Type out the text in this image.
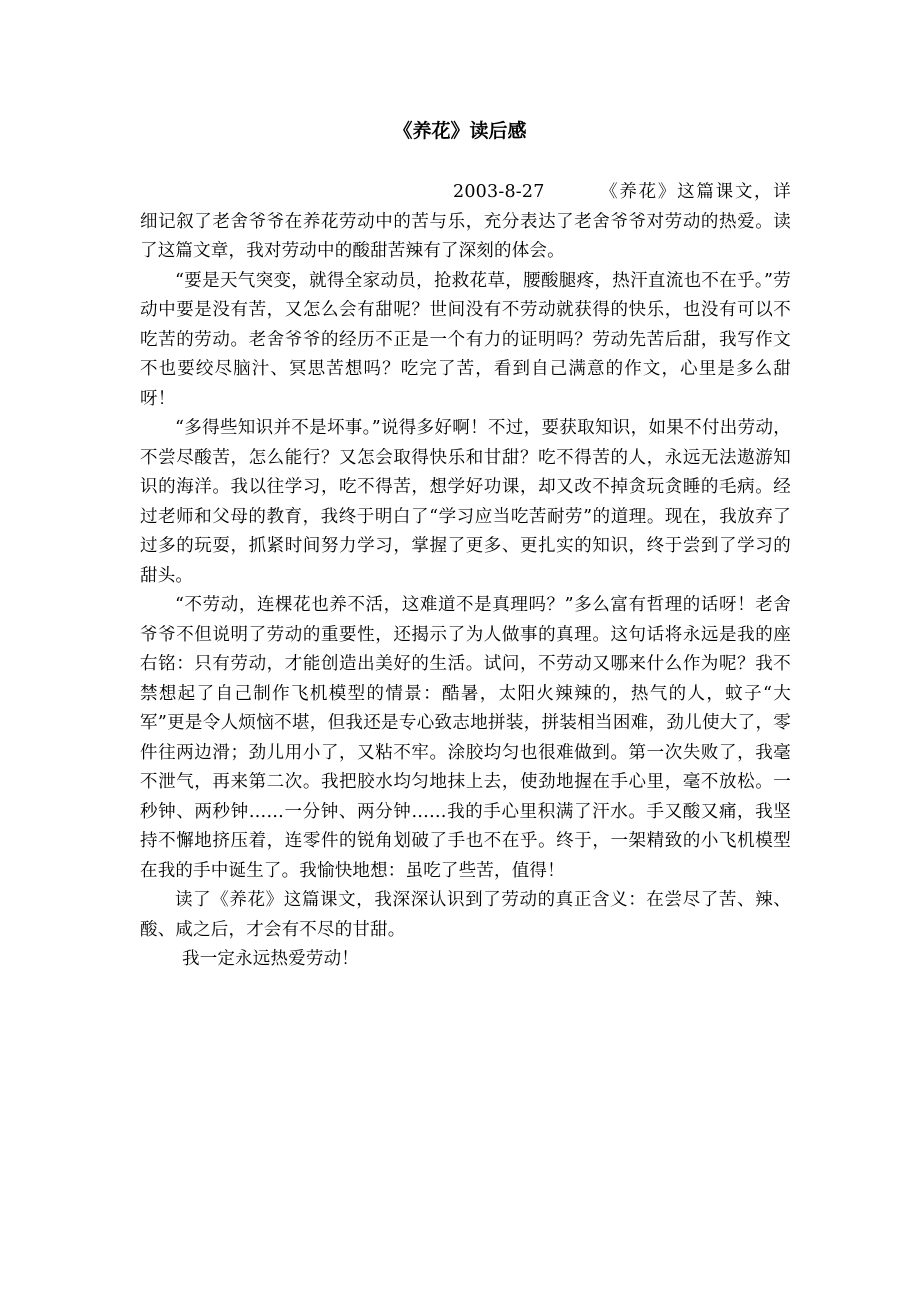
《养花》读后感

2003-8-27	《养花》这篇课文，详细记叙了老舍爷爷在养花劳动中的苦与乐，充分表达了老舍爷爷对劳动的热爱。读了这篇文章，我对劳动中的酸甜苦辣有了深刻的体会。

“要是天气突变，就得全家动员，抢救花草，腰酸腿疼，热汗直流也不在乎。”劳动中要是没有苦，又怎么会有甜呢？世间没有不劳动就获得的快乐，也没有可以不吃苦的劳动。老舍爷爷的经历不正是一个有力的证明吗？劳动先苦后甜，我写作文不也要绞尽脑汁、冥思苦想吗？吃完了苦，看到自己满意的作文，心里是多么甜呀！

“多得些知识并不是坏事。”说得多好啊！不过，要获取知识，如果不付出劳动，不尝尽酸苦，怎么能行？又怎会取得快乐和甘甜？吃不得苦的人，永远无法遨游知识的海洋。我以往学习，吃不得苦，想学好功课，却又改不掉贪玩贪睡的毛病。经过老师和父母的教育，我终于明白了“学习应当吃苦耐劳”的道理。现在，我放弃了过多的玩耍，抓紧时间努力学习，掌握了更多、更扎实的知识，终于尝到了学习的甜头。

“不劳动，连棵花也养不活，这难道不是真理吗？”多么富有哲理的话呀！老舍爷爷不但说明了劳动的重要性，还揭示了为人做事的真理。这句话将永远是我的座右铭：只有劳动，才能创造出美好的生活。试问，不劳动又哪来什么作为呢？我不禁想起了自己制作飞机模型的情景：酷暑，太阳火辣辣的，热气的人，蚊子“大军”更是令人烦恼不堪，但我还是专心致志地拼装，拼装相当困难，劲儿使大了，零件往两边滑；劲儿用小了，又粘不牢。涂胶均匀也很难做到。第一次失败了，我毫不泄气，再来第二次。我把胶水均匀地抹上去，使劲地握在手心里，毫不放松。一秒钟、两秒钟……一分钟、两分钟……我的手心里积满了汗水。手又酸又痛，我坚持不懈地挤压着，连零件的锐角划破了手也不在乎。终于，一架精致的小飞机模型在我的手中诞生了。我愉快地想：虽吃了些苦，值得！

读了《养花》这篇课文，我深深认识到了劳动的真正含义：在尝尽了苦、辣、酸、咸之后，才会有不尽的甘甜。

我一定永远热爱劳动！
